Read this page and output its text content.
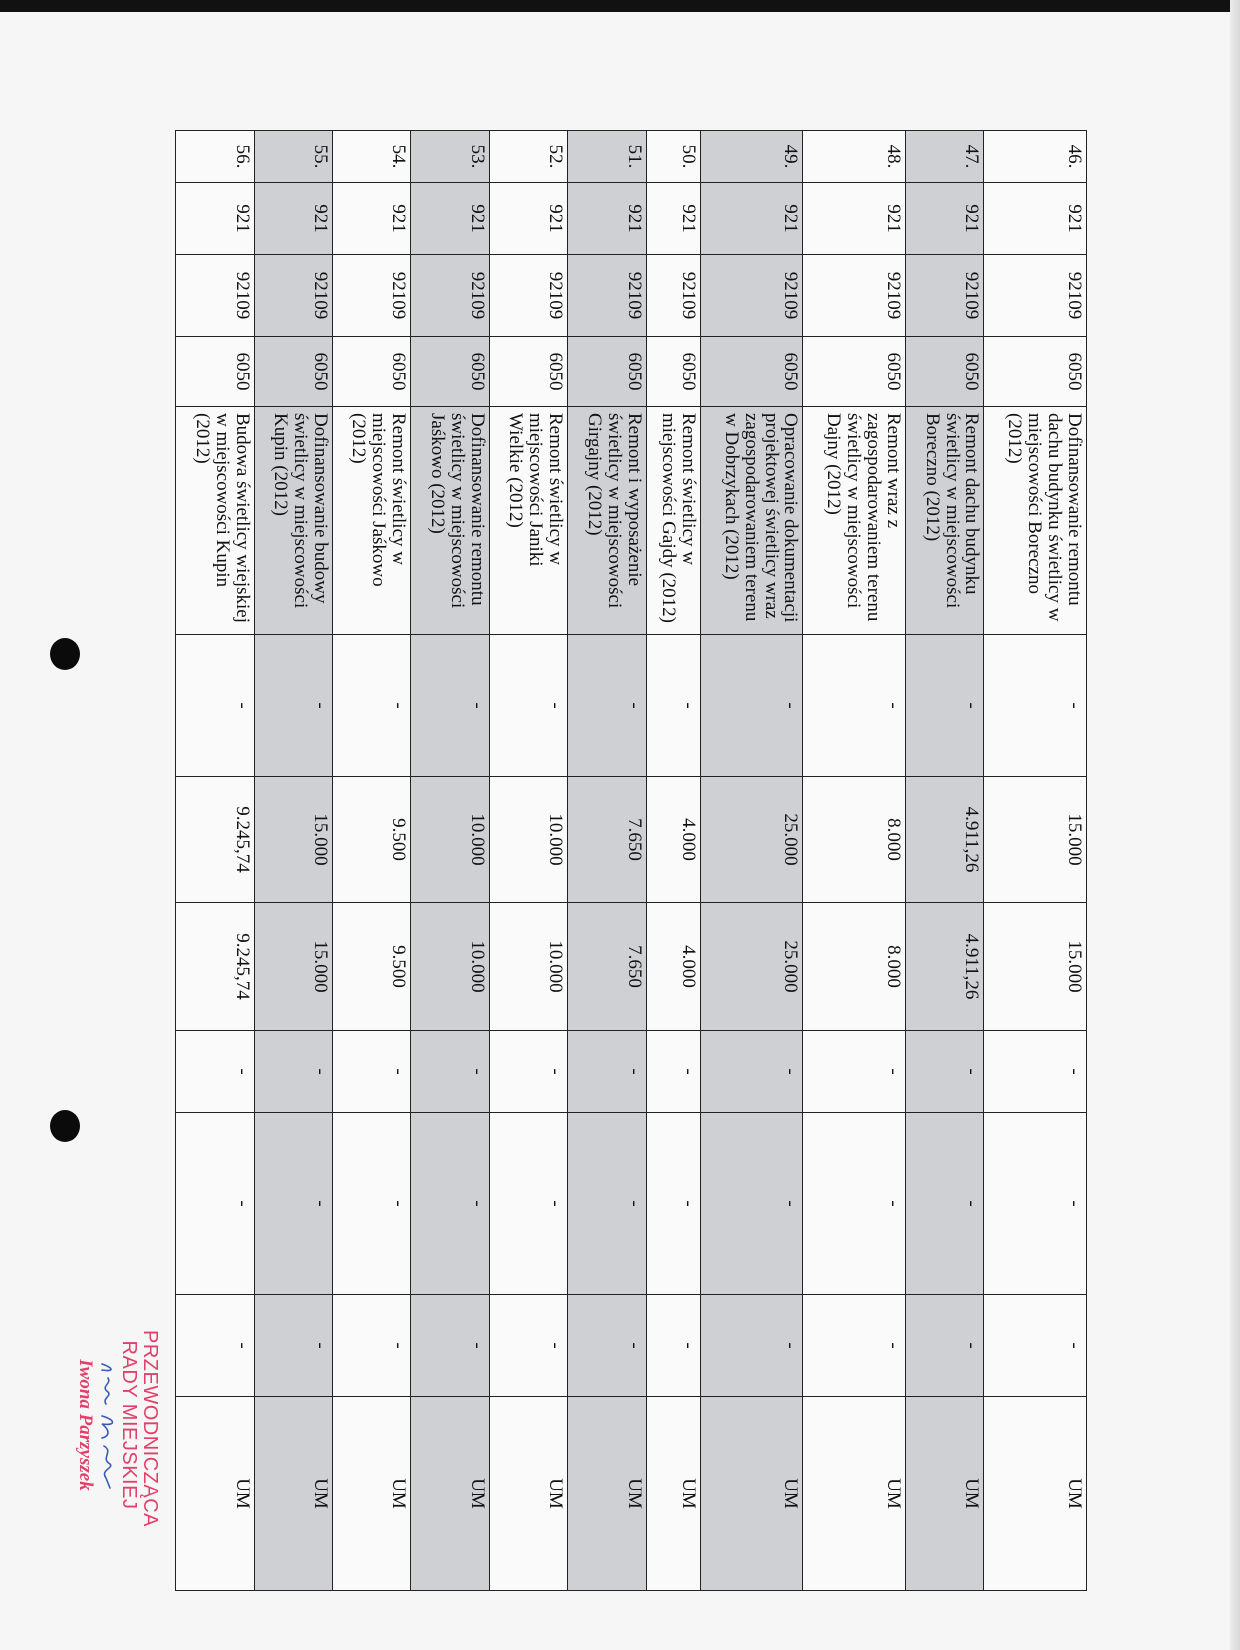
46.	921	92109	6050	Dofinansowanie remontu dachu budynku świetlicy w miejscowości Boreczno (2012)	-	15.000	15.000	-	-	-	UM
47.	921	92109	6050	Remont dachu budynku świetlicy w miejscowości Boreczno (2012)	-	4.911,26	4.911,26	-	-	-	UM
48.	921	92109	6050	Remont wraz z zagospodarowaniem terenu świetlicy w miejscowości Dajny (2012)	-	8.000	8.000	-	-	-	UM
49.	921	92109	6050	Opracowanie dokumentacji projektowej świetlicy wraz zagospodarowaniem terenu w Dobrzykach (2012)	-	25.000	25.000	-	-	-	UM
50.	921	92109	6050	Remont świetlicy w miejscowości Gajdy (2012)	-	4.000	4.000	-	-	-	UM
51.	921	92109	6050	Remont i wyposażenie świetlicy w miejscowości Girgajny (2012)	-	7.650	7.650	-	-	-	UM
52.	921	92109	6050	Remont świetlicy w miejscowości Janiki Wielkie (2012)	-	10.000	10.000	-	-	-	UM
53.	921	92109	6050	Dofinansowanie remontu świetlicy w miejscowości Jaśkowo (2012)	-	10.000	10.000	-	-	-	UM
54.	921	92109	6050	Remont świetlicy w miejscowości Jaśkowo (2012)	-	9.500	9.500	-	-	-	UM
55.	921	92109	6050	Dofinansowanie budowy świetlicy w miejscowości Kupin (2012)	-	15.000	15.000	-	-	-	UM
56.	921	92109	6050	Budowa świetlicy wiejskiej w miejscowości Kupin (2012)	-	9.245,74	9.245,74	-	-	-	UM
PRZEWODNICZĄCA
RADY MIEJSKIEJ
Iwona Parzyszek
